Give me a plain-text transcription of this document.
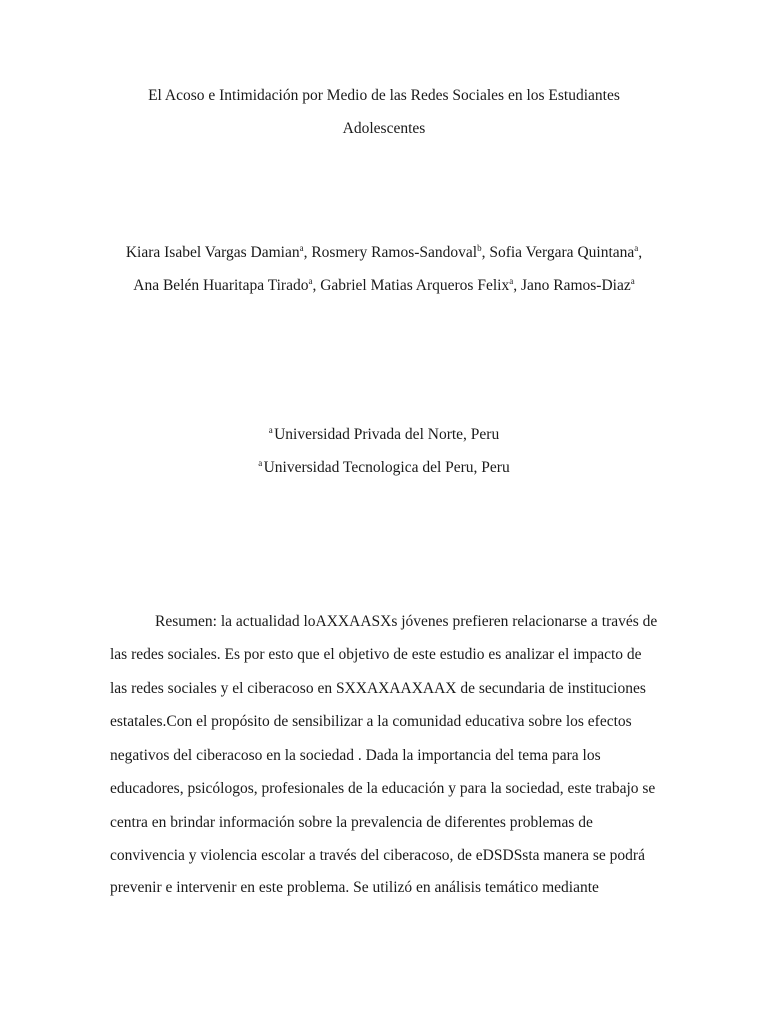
El Acoso e Intimidación por Medio de las Redes Sociales en los Estudiantes
Adolescentes
Kiara Isabel Vargas Damian$^a$, Rosmery Ramos-Sandoval$^b$, Sofia Vergara Quintana$^a$,
Ana Belén Huaritapa Tirado$^a$, Gabriel Matias Arqueros Felix$^a$, Jano Ramos-Diaz$^a$
$^a$ Universidad Privada del Norte, Peru
$^a$ Universidad Tecnologica del Peru, Peru
Resumen: la actualidad loAXXAASXs jóvenes prefieren relacionarse a través de
las redes sociales. Es por esto que el objetivo de este estudio es analizar el impacto de
las redes sociales y el ciberacoso en SXXAXAAXAAX de secundaria de instituciones
estatales.Con el propósito de sensibilizar a la comunidad educativa sobre los efectos
negativos del ciberacoso en la sociedad . Dada la importancia del tema para los
educadores, psicólogos, profesionales de la educación y para la sociedad, este trabajo se
centra en brindar información sobre la prevalencia de diferentes problemas de
convivencia y violencia escolar a través del ciberacoso, de eDSDSsta manera se podrá
prevenir e intervenir en este problema. Se utilizó en análisis temático mediante
